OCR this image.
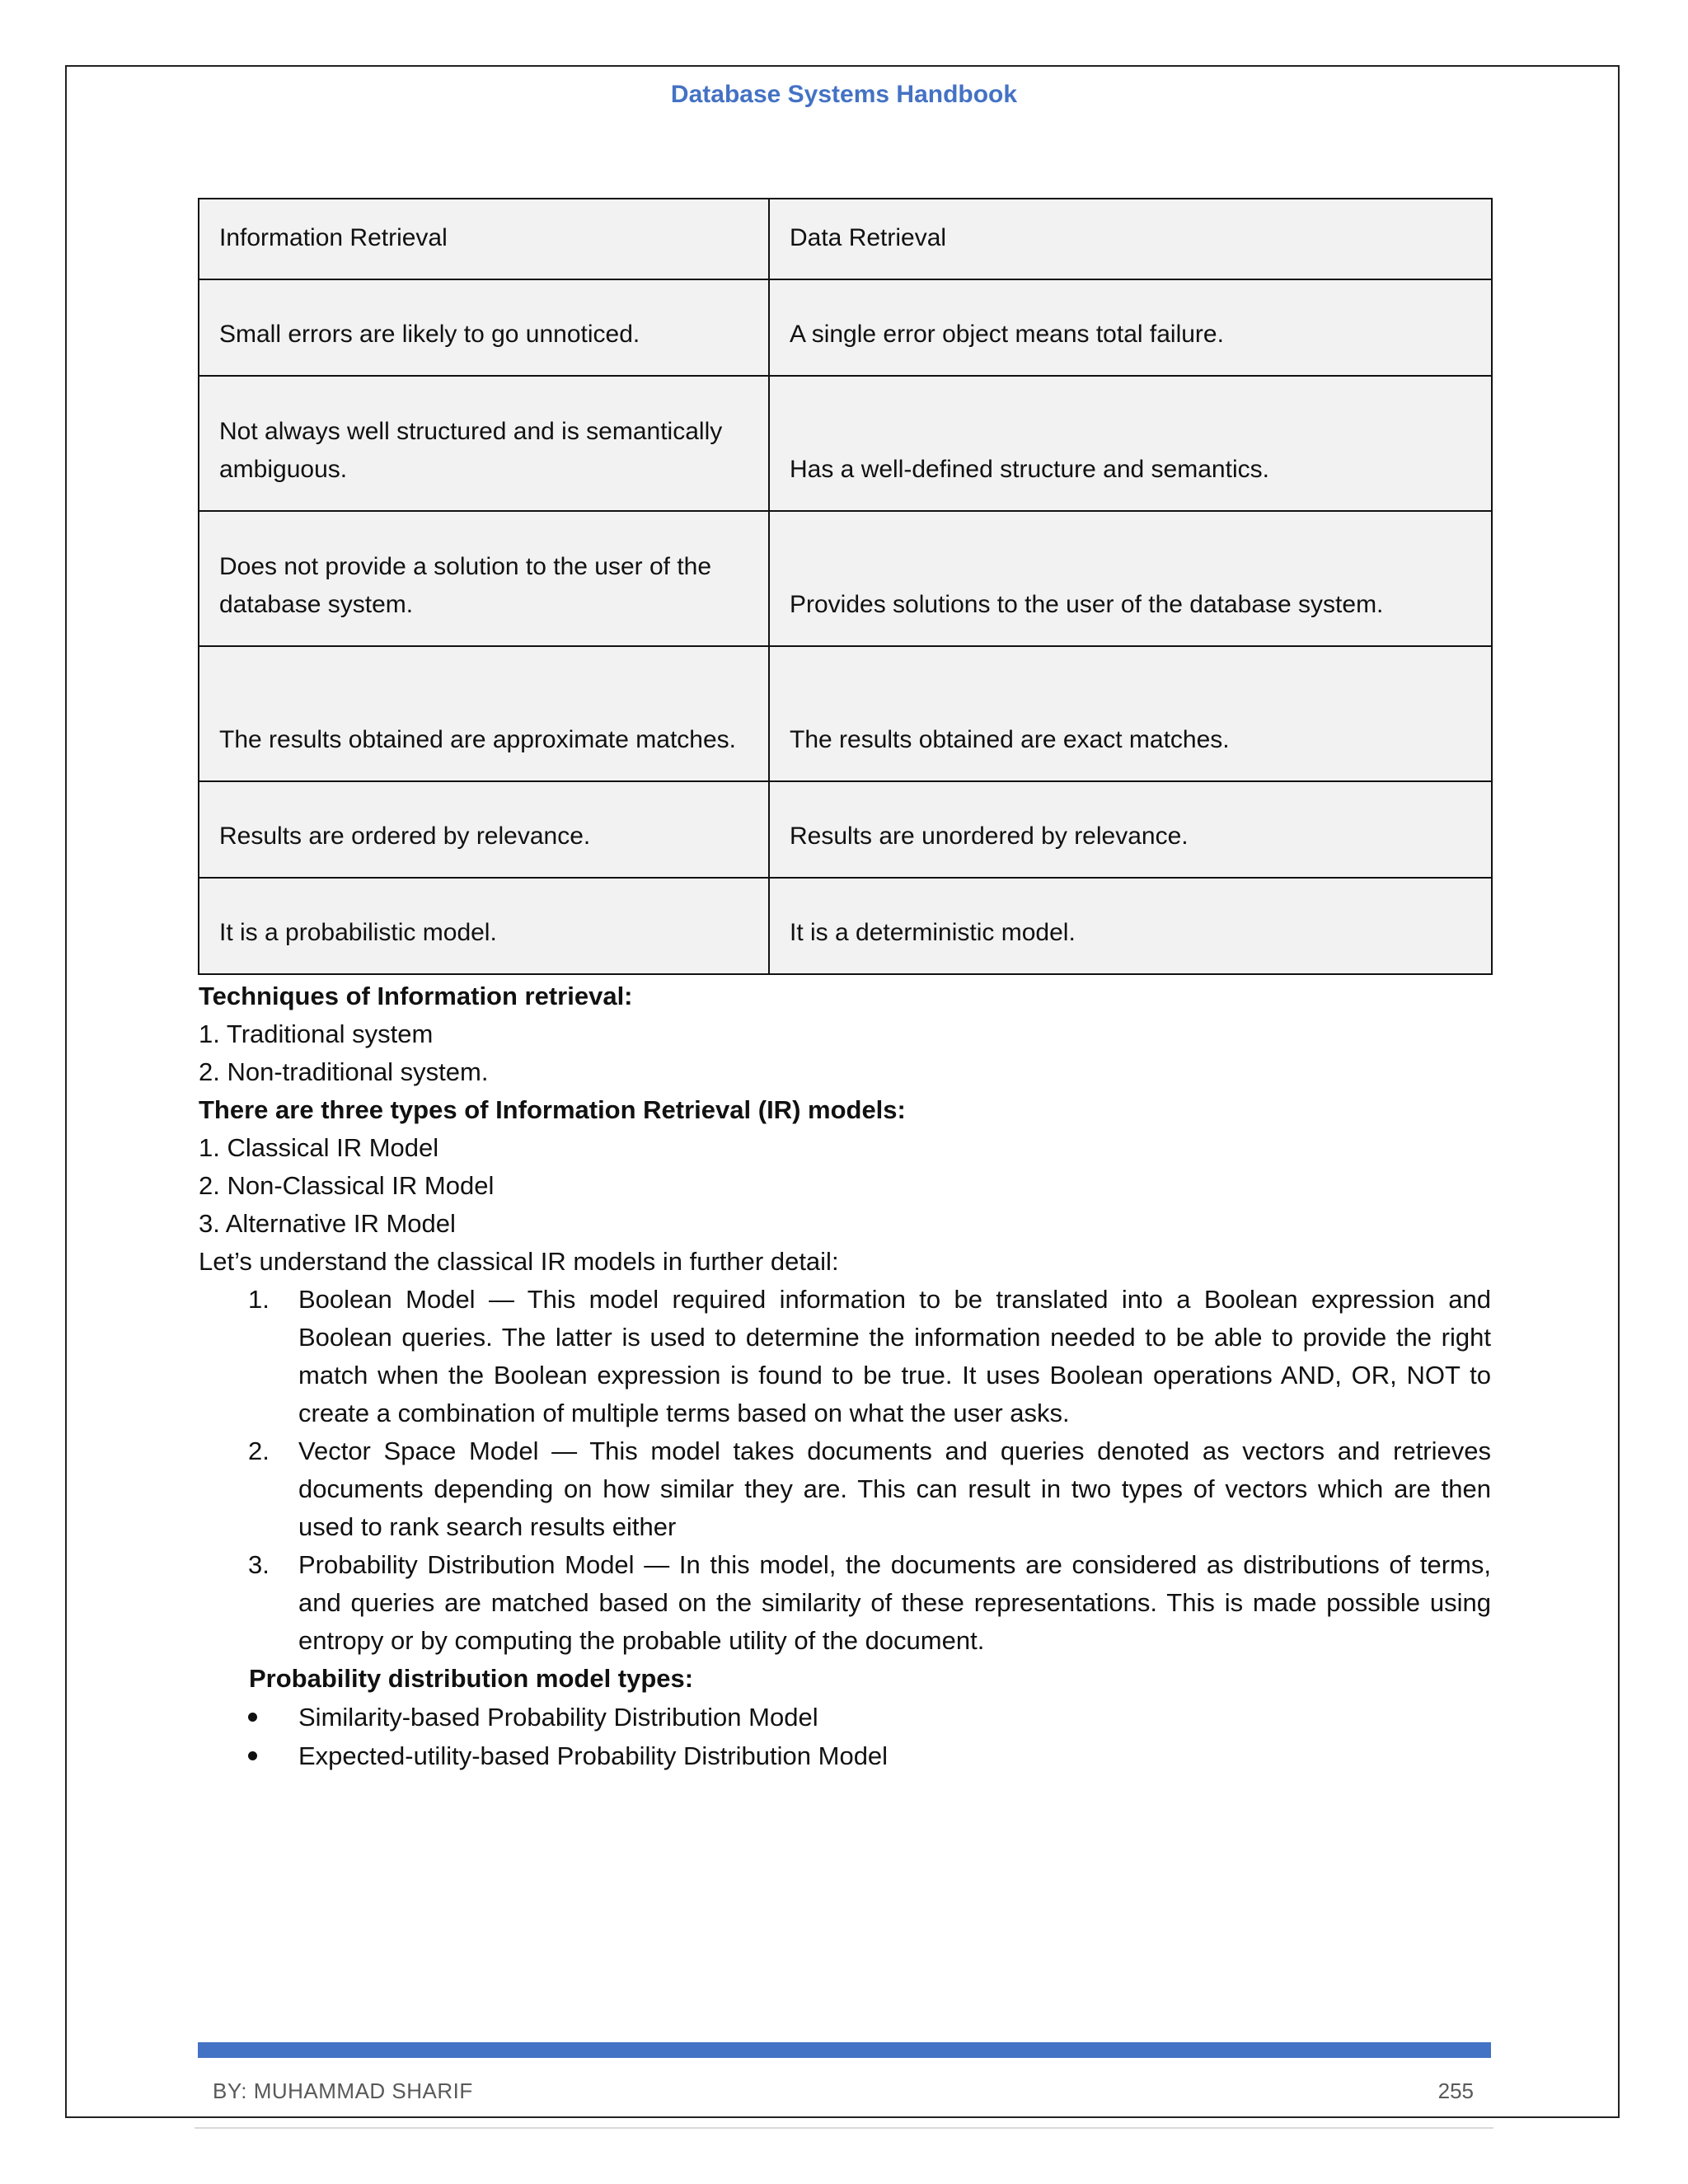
Database Systems Handbook
Information Retrieval	Data Retrieval

Small errors are likely to go unnoticed.	A single error object means total failure.

Not always well structured and is semantically ambiguous.	Has a well-defined structure and semantics.

Does not provide a solution to the user of the database system.	Provides solutions to the user of the database system.

The results obtained are approximate matches.	The results obtained are exact matches.

Results are ordered by relevance.	Results are unordered by relevance.

It is a probabilistic model.	It is a deterministic model.

Techniques of Information retrieval:

1. Traditional system

2. Non-traditional system.

There are three types of Information Retrieval (IR) models:

1. Classical IR Model

2. Non-Classical IR Model

3. Alternative IR Model

Let’s understand the classical IR models in further detail:

1. Boolean Model — This model required information to be translated into a Boolean expression and Boolean queries. The latter is used to determine the information needed to be able to provide the right match when the Boolean expression is found to be true. It uses Boolean operations AND, OR, NOT to create a combination of multiple terms based on what the user asks.
2. Vector Space Model — This model takes documents and queries denoted as vectors and retrieves documents depending on how similar they are. This can result in two types of vectors which are then used to rank search results either
3. Probability Distribution Model — In this model, the documents are considered as distributions of terms, and queries are matched based on the similarity of these representations. This is made possible using entropy or by computing the probable utility of the document.

Probability distribution model types:

Similarity-based Probability Distribution Model
Expected-utility-based Probability Distribution Model
BY: MUHAMMAD SHARIF	255
